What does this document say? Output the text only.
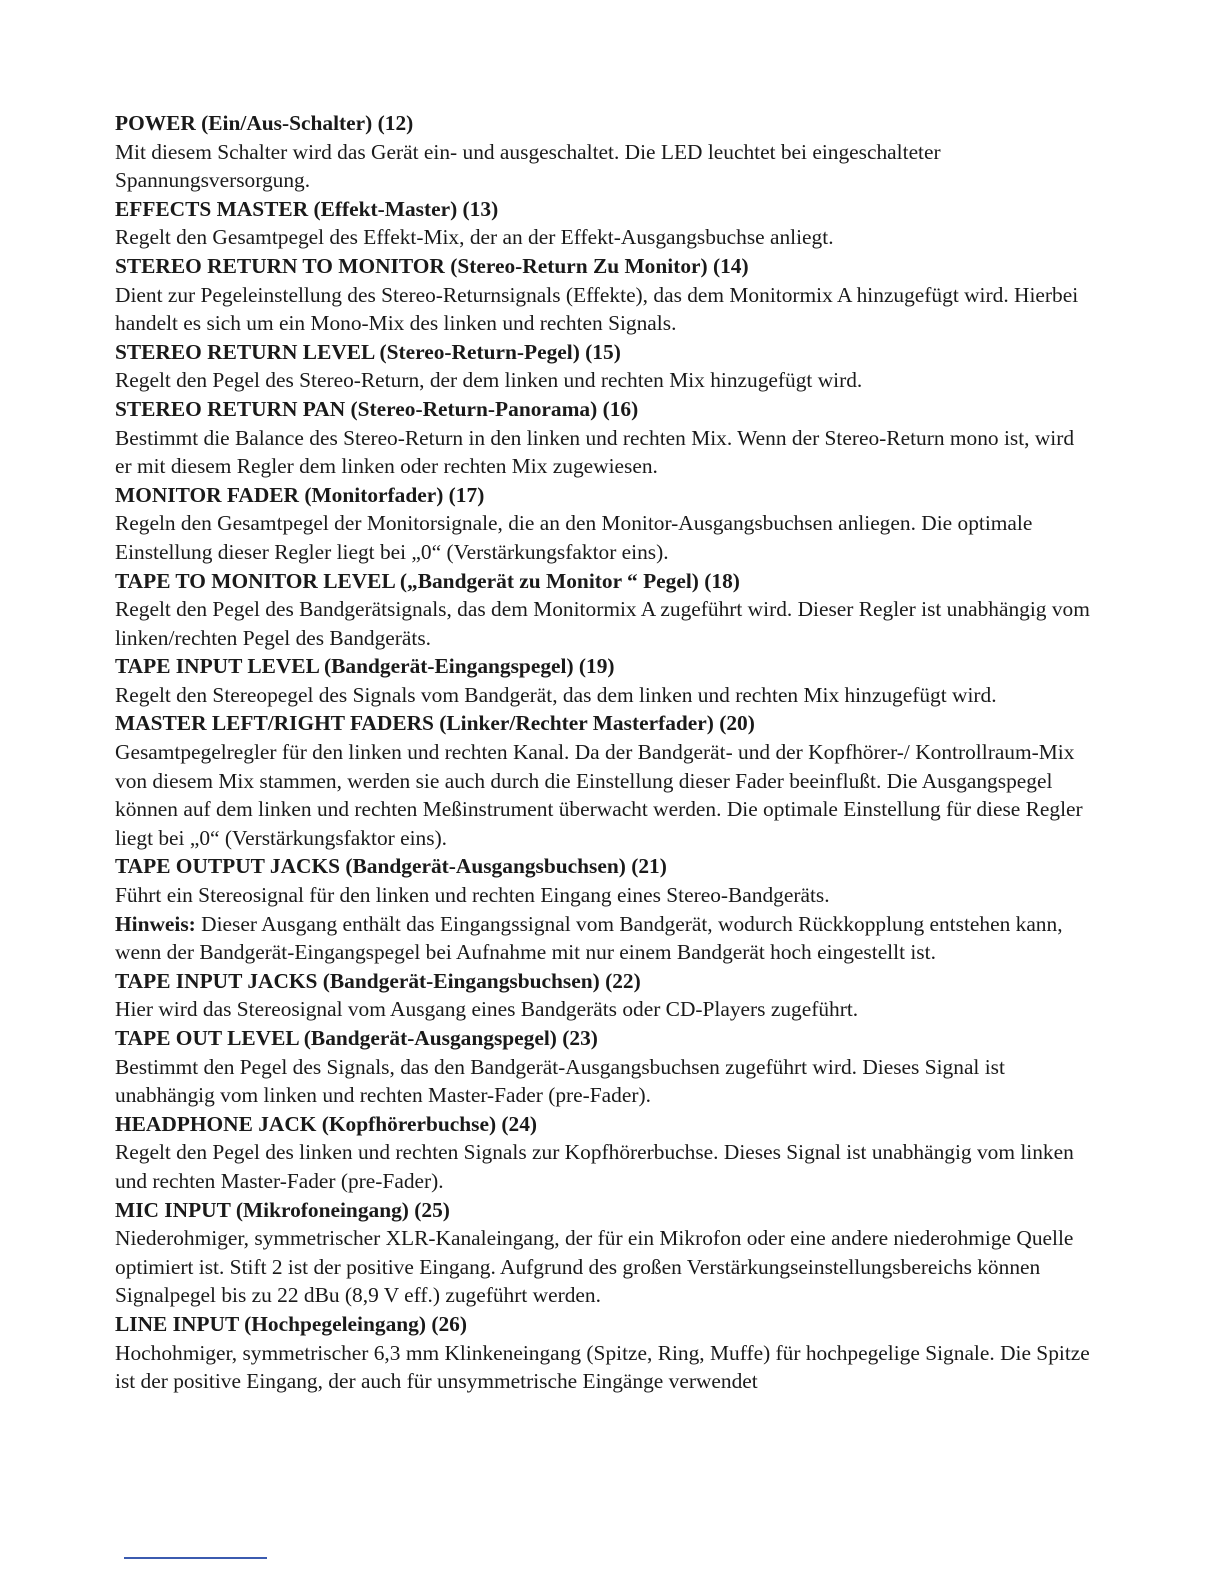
POWER (Ein/Aus-Schalter) (12)
Mit diesem Schalter wird das Gerät ein- und ausgeschaltet. Die LED leuchtet bei eingeschalteter Spannungsversorgung.
EFFECTS MASTER (Effekt-Master) (13)
Regelt den Gesamtpegel des Effekt-Mix, der an der Effekt-Ausgangsbuchse anliegt.
STEREO RETURN TO MONITOR (Stereo-Return Zu Monitor) (14)
Dient zur Pegeleinstellung des Stereo-Returnsignals (Effekte), das dem Monitormix A hinzugefügt wird. Hierbei handelt es sich um ein Mono-Mix des linken und rechten Signals.
STEREO RETURN LEVEL (Stereo-Return-Pegel) (15)
Regelt den Pegel des Stereo-Return, der dem linken und rechten Mix hinzugefügt wird.
STEREO RETURN PAN (Stereo-Return-Panorama) (16)
Bestimmt die Balance des Stereo-Return in den linken und rechten Mix. Wenn der Stereo-Return mono ist, wird er mit diesem Regler dem linken oder rechten Mix zugewiesen.
MONITOR FADER (Monitorfader) (17)
Regeln den Gesamtpegel der Monitorsignale, die an den Monitor-Ausgangsbuchsen anliegen. Die optimale Einstellung dieser Regler liegt bei „0“ (Verstärkungsfaktor eins).
TAPE TO MONITOR LEVEL („Bandgerät zu Monitor “ Pegel) (18)
Regelt den Pegel des Bandgerätsignals, das dem Monitormix A zugeführt wird. Dieser Regler ist unabhängig vom linken/rechten Pegel des Bandgeräts.
TAPE INPUT LEVEL (Bandgerät-Eingangspegel) (19)
Regelt den Stereopegel des Signals vom Bandgerät, das dem linken und rechten Mix hinzugefügt wird.
MASTER LEFT/RIGHT FADERS (Linker/Rechter Masterfader) (20)
Gesamtpegelregler für den linken und rechten Kanal. Da der Bandgerät- und der Kopfhörer-/ Kontrollraum-Mix von diesem Mix stammen, werden sie auch durch die Einstellung dieser Fader beeinflußt. Die Ausgangspegel können auf dem linken und rechten Meßinstrument überwacht werden. Die optimale Einstellung für diese Regler liegt bei „0“ (Verstärkungsfaktor eins).
TAPE OUTPUT JACKS (Bandgerät-Ausgangsbuchsen) (21)
Führt ein Stereosignal für den linken und rechten Eingang eines Stereo-Bandgeräts.
Hinweis: Dieser Ausgang enthält das Eingangssignal vom Bandgerät, wodurch Rückkopplung entstehen kann, wenn der Bandgerät-Eingangspegel bei Aufnahme mit nur einem Bandgerät hoch eingestellt ist.
TAPE INPUT JACKS (Bandgerät-Eingangsbuchsen) (22)
Hier wird das Stereosignal vom Ausgang eines Bandgeräts oder CD-Players zugeführt.
TAPE OUT LEVEL (Bandgerät-Ausgangspegel) (23)
Bestimmt den Pegel des Signals, das den Bandgerät-Ausgangsbuchsen zugeführt wird. Dieses Signal ist unabhängig vom linken und rechten Master-Fader (pre-Fader).
HEADPHONE JACK (Kopfhörerbuchse) (24)
Regelt den Pegel des linken und rechten Signals zur Kopfhörerbuchse. Dieses Signal ist unabhängig vom linken und rechten Master-Fader (pre-Fader).
MIC INPUT (Mikrofoneingang) (25)
Niederohmiger, symmetrischer XLR-Kanaleingang, der für ein Mikrofon oder eine andere niederohmige Quelle optimiert ist. Stift 2 ist der positive Eingang. Aufgrund des großen Verstärkungseinstellungsbereichs können Signalpegel bis zu 22 dBu (8,9 V eff.) zugeführt werden.
LINE INPUT (Hochpegeleingang) (26)
Hochohmiger, symmetrischer 6,3 mm Klinkeneingang (Spitze, Ring, Muffe) für hochpegelige Signale. Die Spitze ist der positive Eingang, der auch für unsymmetrische Eingänge verwendet
